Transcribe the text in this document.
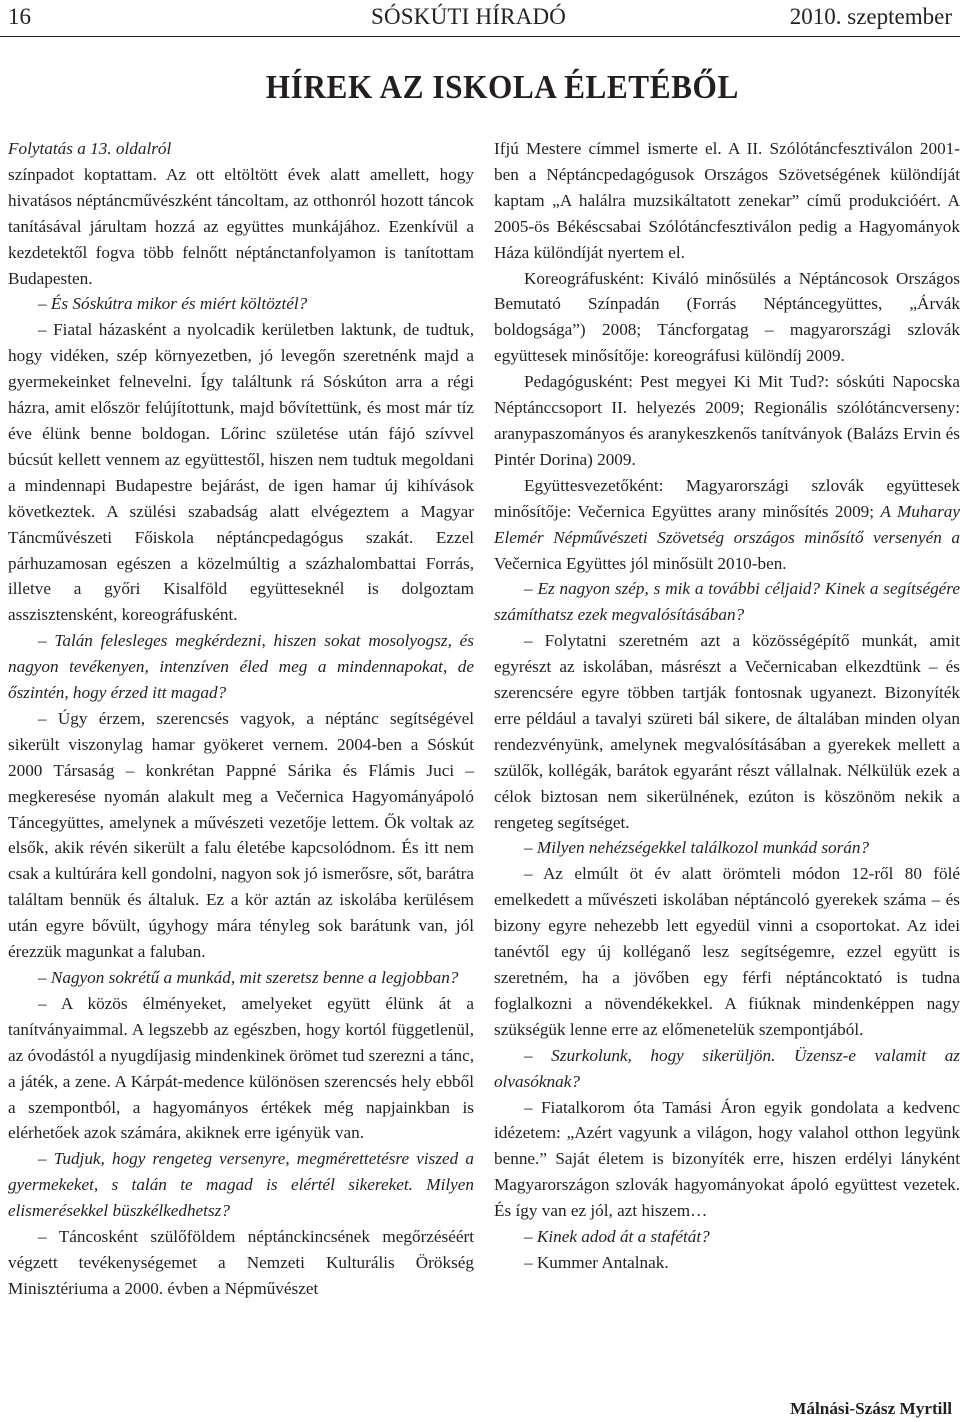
16	SÓSKÚTI HÍRADÓ	2010. szeptember
HÍREK AZ ISKOLA ÉLETÉBŐL

Folytatás a 13. oldalról

színpadot koptattam. Az ott eltöltött évek alatt amellett, hogy hivatásos néptáncművészként táncoltam, az otthonról hozott táncok tanításával járultam hozzá az együttes munkájához. Ezenkívül a kezdetektől fogva több felnőtt néptánctanfolyamon is tanítottam Budapesten.

– És Sóskútra mikor és miért költöztél?

– Fiatal házasként a nyolcadik kerületben laktunk, de tudtuk, hogy vidéken, szép környezetben, jó levegőn szeretnénk majd a gyermekeinket felnevelni. Így találtunk rá Sóskúton arra a régi házra, amit először felújítottunk, majd bővítettünk, és most már tíz éve élünk benne boldogan. Lőrinc születése után fájó szívvel búcsút kellett vennem az együttestől, hiszen nem tudtuk megoldani a mindennapi Budapestre bejárást, de igen hamar új kihívások következtek. A szülési szabadság alatt elvégeztem a Magyar Táncművészeti Főiskola néptáncpedagógus szakát. Ezzel párhuzamosan egészen a közelmúltig a százhalombattai Forrás, illetve a győri Kisalföld együtteseknél is dolgoztam asszisztensként, koreográfusként.

– Talán felesleges megkérdezni, hiszen sokat mosolyogsz, és nagyon tevékenyen, intenzíven éled meg a mindennapokat, de őszintén, hogy érzed itt magad?

– Úgy érzem, szerencsés vagyok, a néptánc segítségével sikerült viszonylag hamar gyökeret vernem. 2004-ben a Sóskút 2000 Társaság – konkrétan Pappné Sárika és Flámis Juci – megkeresése nyomán alakult meg a Večernica Hagyományápoló Táncegyüttes, amelynek a művészeti vezetője lettem. Ők voltak az elsők, akik révén sikerült a falu életébe kapcsolódnom. És itt nem csak a kultúrára kell gondolni, nagyon sok jó ismerősre, sőt, barátra találtam bennük és általuk. Ez a kör aztán az iskolába kerülésem után egyre bővült, úgyhogy mára tényleg sok barátunk van, jól érezzük magunkat a faluban.

– Nagyon sokrétű a munkád, mit szeretsz benne a legjobban?

– A közös élményeket, amelyeket együtt élünk át a tanítványaimmal. A legszebb az egészben, hogy kortól függetlenül, az óvodástól a nyugdíjasig mindenkinek örömet tud szerezni a tánc, a játék, a zene. A Kárpát-medence különösen szerencsés hely ebből a szempontból, a hagyományos értékek még napjainkban is elérhetőek azok számára, akiknek erre igényük van.

– Tudjuk, hogy rengeteg versenyre, megmérettetésre viszed a gyermekeket, s talán te magad is elértél sikereket. Milyen elismerésekkel büszkélkedhetsz?

– Táncosként szülőföldem néptánckincsének megőrzéséért végzett tevékenységemet a Nemzeti Kulturális Örökség Minisztériuma a 2000. évben a Népművészet

Ifjú Mestere címmel ismerte el. A II. Szólótáncfesztiválon 2001-ben a Néptáncpedagógusok Országos Szövetségének különdíját kaptam „A halálra muzsikáltatott zenekar” című produkcióért. A 2005-ös Békéscsabai Szólótáncfesztiválon pedig a Hagyományok Háza különdíját nyertem el.

Koreográfusként: Kiváló minősülés a Néptáncosok Országos Bemutató Színpadán (Forrás Néptáncegyüttes, „Árvák boldogsága”) 2008; Táncforgatag – magyarországi szlovák együttesek minősítője: koreográfusi különdíj 2009.

Pedagógusként: Pest megyei Ki Mit Tud?: sóskúti Napocska Néptánccsoport II. helyezés 2009; Regionális szólótáncverseny: aranypaszományos és aranykeszkenős tanítványok (Balázs Ervin és Pintér Dorina) 2009.

Együttesvezetőként: Magyarországi szlovák együttesek minősítője: Večernica Együttes arany minősítés 2009; A Muharay Elemér Népművészeti Szövetség országos minősítő versenyén a Večernica Együttes jól minősült 2010-ben.

– Ez nagyon szép, s mik a további céljaid? Kinek a segítségére számíthatsz ezek megvalósításában?

– Folytatni szeretném azt a közösségépítő munkát, amit egyrészt az iskolában, másrészt a Večernicaban elkezdtünk – és szerencsére egyre többen tartják fontosnak ugyanezt. Bizonyíték erre például a tavalyi szüreti bál sikere, de általában minden olyan rendezvényünk, amelynek megvalósításában a gyerekek mellett a szülők, kollégák, barátok egyaránt részt vállalnak. Nélkülük ezek a célok biztosan nem sikerülnének, ezúton is köszönöm nekik a rengeteg segítséget.

– Milyen nehézségekkel találkozol munkád során?

– Az elmúlt öt év alatt örömteli módon 12-ről 80 fölé emelkedett a művészeti iskolában néptáncoló gyerekek száma – és bizony egyre nehezebb lett egyedül vinni a csoportokat. Az idei tanévtől egy új kolléganő lesz segítségemre, ezzel együtt is szeretném, ha a jövőben egy férfi néptáncoktató is tudna foglalkozni a növendékekkel. A fiúknak mindenképpen nagy szükségük lenne erre az előmenetelük szempontjából.

– Szurkolunk, hogy sikerüljön. Üzensz-e valamit az olvasóknak?

– Fiatalkorom óta Tamási Áron egyik gondolata a kedvenc idézetem: „Azért vagyunk a világon, hogy valahol otthon legyünk benne.” Saját életem is bizonyíték erre, hiszen erdélyi lányként Magyarországon szlovák hagyományokat ápoló együttest vezetek. És így van ez jól, azt hiszem…

– Kinek adod át a stafétát?

– Kummer Antalnak.

Málnási-Szász Myrtill
